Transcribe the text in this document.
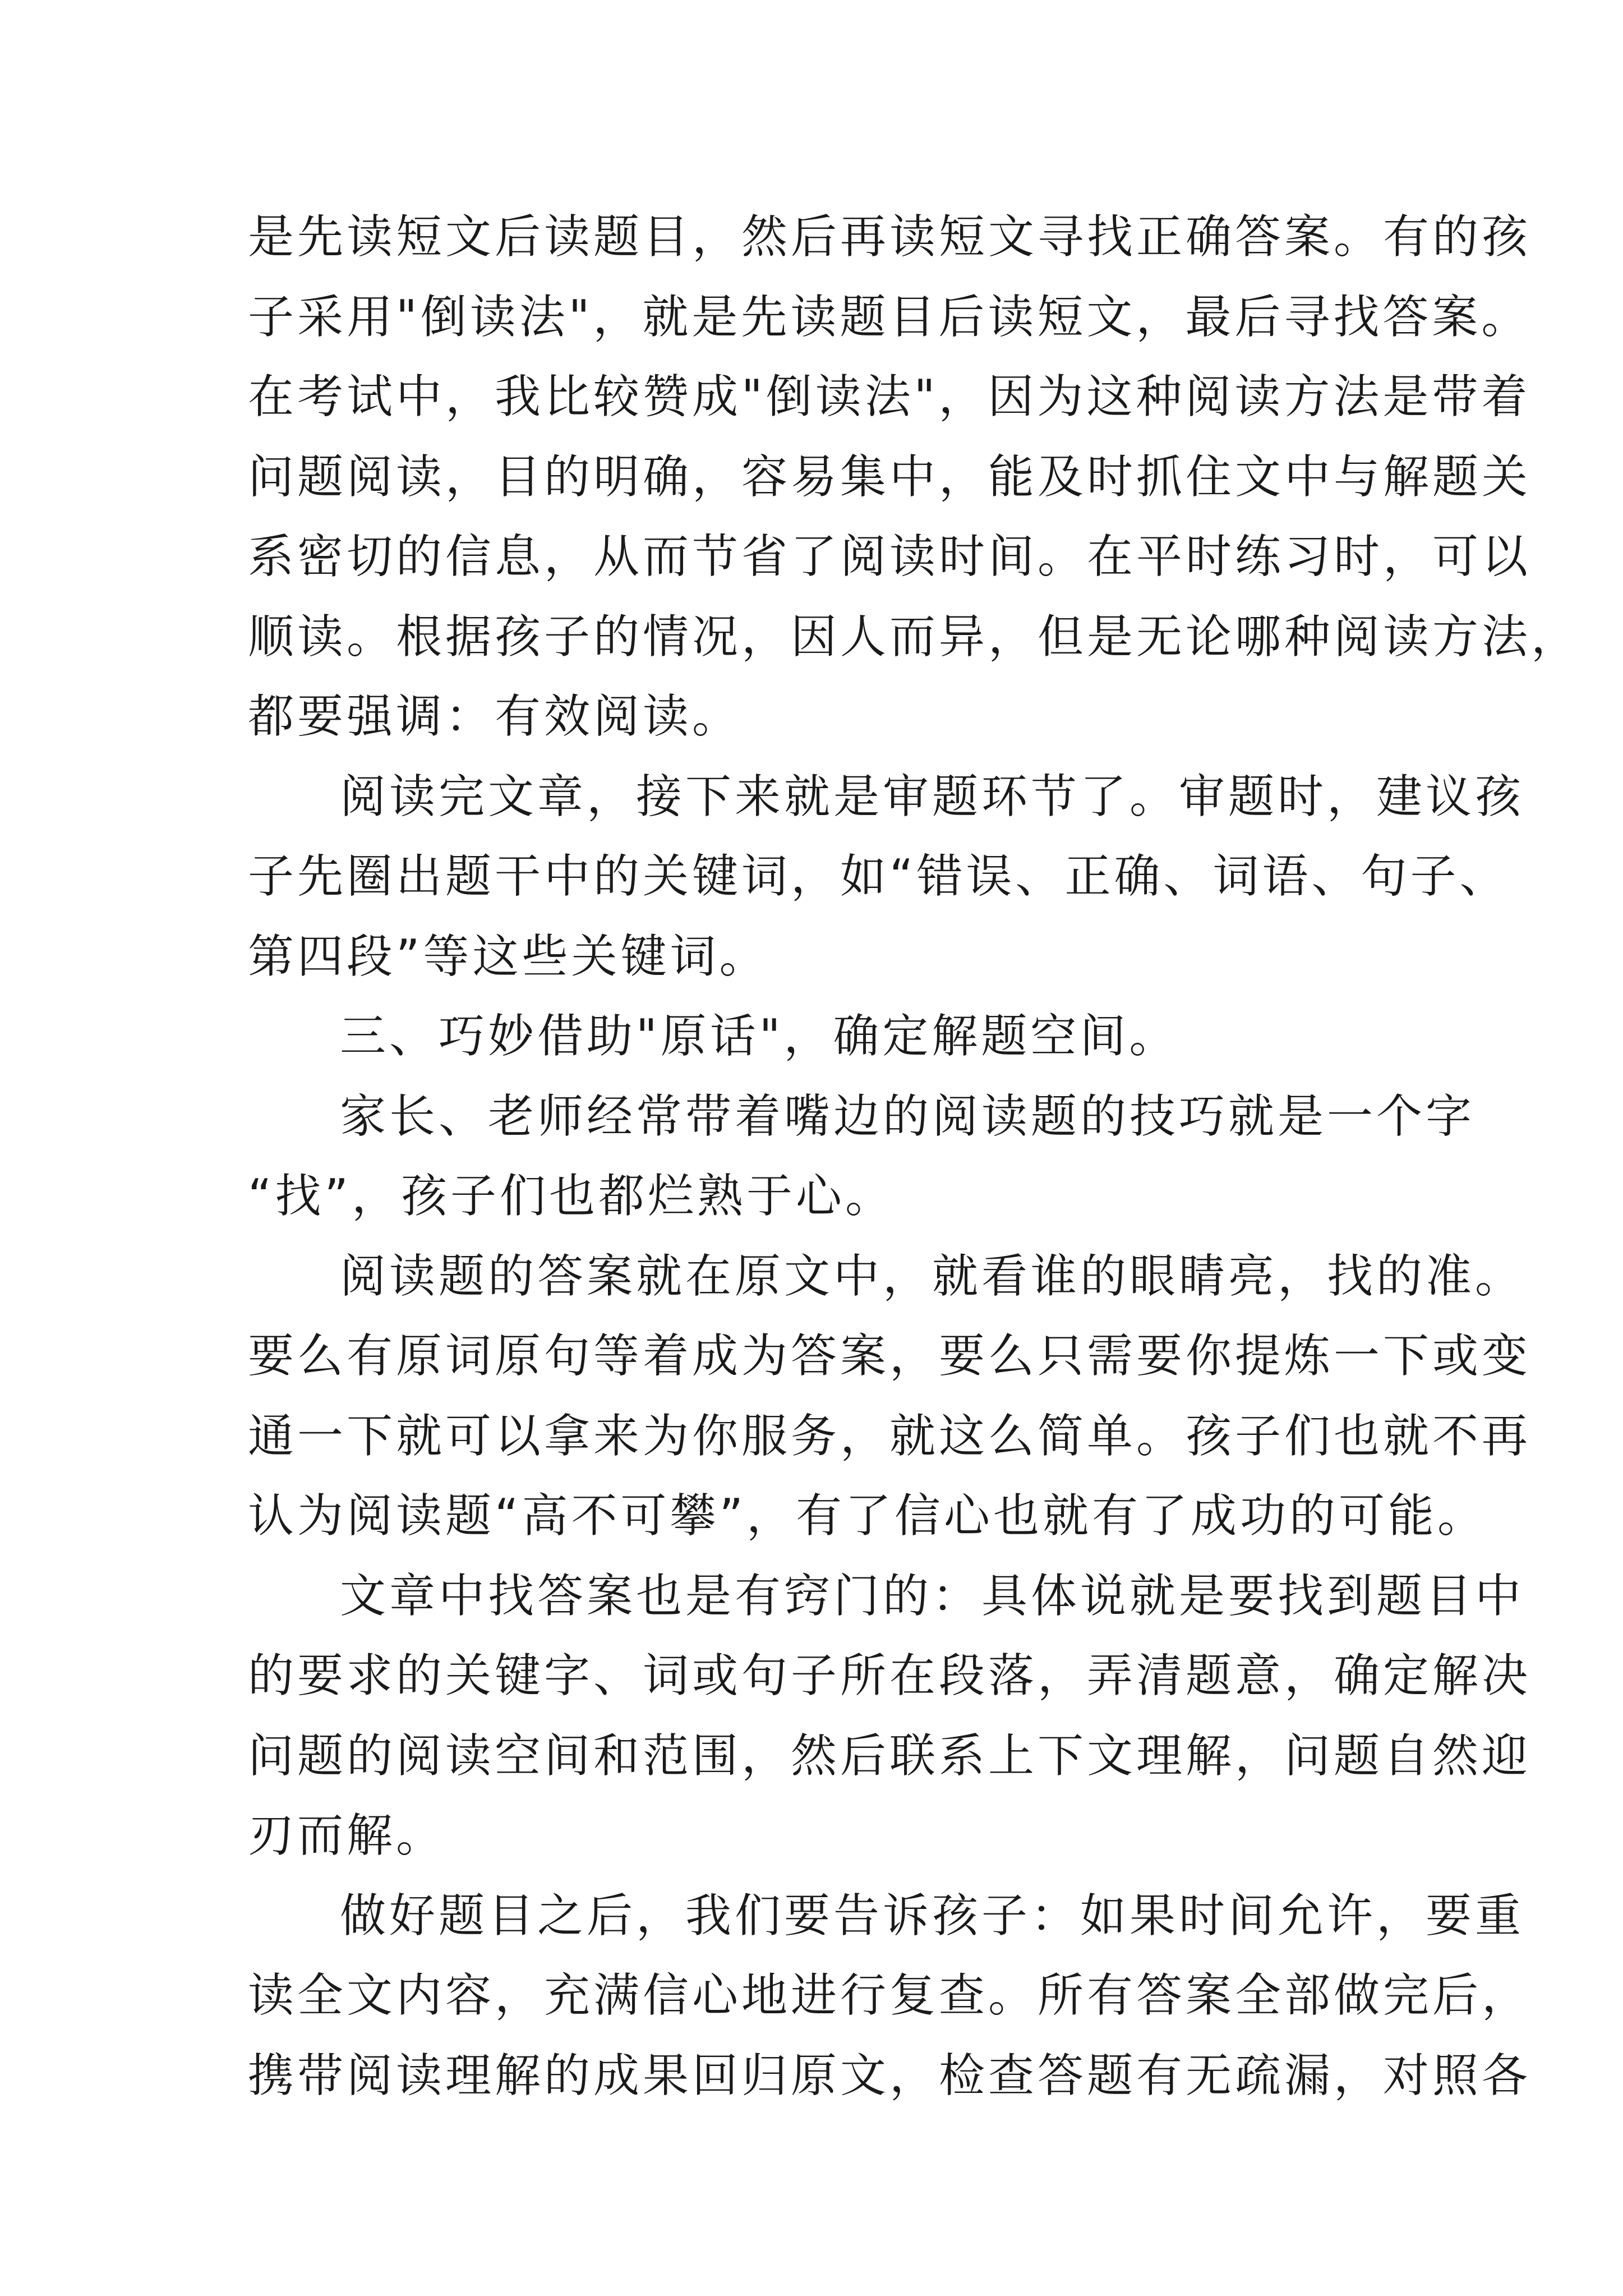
是先读短文后读题目，然后再读短文寻找正确答案。有的孩
子采用"倒读法"，就是先读题目后读短文，最后寻找答案。
在考试中，我比较赞成"倒读法"，因为这种阅读方法是带着
问题阅读，目的明确，容易集中，能及时抓住文中与解题关
系密切的信息，从而节省了阅读时间。在平时练习时，可以
顺读。根据孩子的情况，因人而异，但是无论哪种阅读方法，
都要强调：有效阅读。
阅读完文章，接下来就是审题环节了。审题时，建议孩
子先圈出题干中的关键词，如“错误、正确、词语、句子、
第四段”等这些关键词。
三、巧妙借助"原话"，确定解题空间。
家长、老师经常带着嘴边的阅读题的技巧就是一个字
“找”，孩子们也都烂熟于心。
阅读题的答案就在原文中，就看谁的眼睛亮，找的准。
要么有原词原句等着成为答案，要么只需要你提炼一下或变
通一下就可以拿来为你服务，就这么简单。孩子们也就不再
认为阅读题“高不可攀”，有了信心也就有了成功的可能。
文章中找答案也是有窍门的：具体说就是要找到题目中
的要求的关键字、词或句子所在段落，弄清题意，确定解决
问题的阅读空间和范围，然后联系上下文理解，问题自然迎
刃而解。
做好题目之后，我们要告诉孩子：如果时间允许，要重
读全文内容，充满信心地进行复查。所有答案全部做完后，
携带阅读理解的成果回归原文，检查答题有无疏漏，对照各
